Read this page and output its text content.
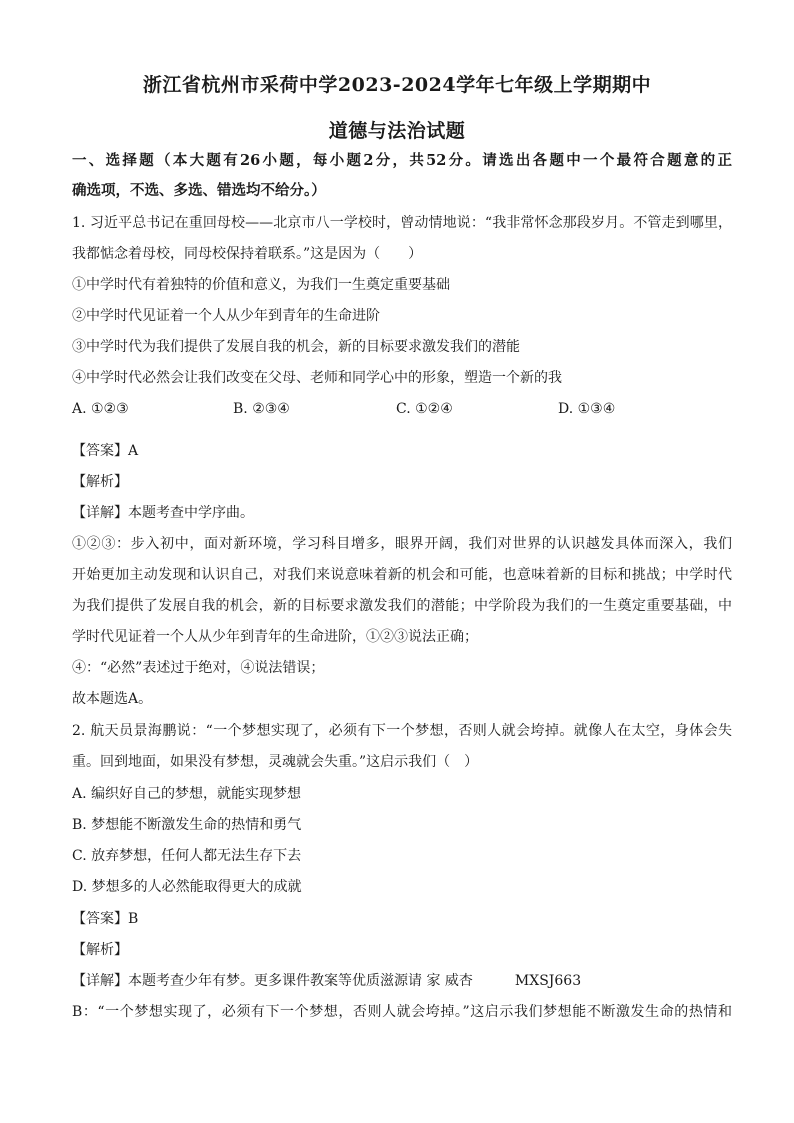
浙江省杭州市采荷中学2023-2024学年七年级上学期期中
道德与法治试题
一、选择题（本大题有26小题，每小题2分，共52分。请选出各题中一个最符合题意的正
确选项，不选、多选、错选均不给分。）
1. 习近平总书记在重回母校——北京市八一学校时，曾动情地说：“我非常怀念那段岁月。不管走到哪里，
我都惦念着母校，同母校保持着联系。”这是因为（　　）
①中学时代有着独特的价值和意义，为我们一生奠定重要基础
②中学时代见证着一个人从少年到青年的生命进阶
③中学时代为我们提供了发展自我的机会，新的目标要求激发我们的潜能
④中学时代必然会让我们改变在父母、老师和同学心中的形象，塑造一个新的我
A. ①②③	B. ②③④	C. ①②④	D. ①③④
【答案】A
【解析】
【详解】本题考查中学序曲。
①②③：步入初中，面对新环境，学习科目增多，眼界开阔，我们对世界的认识越发具体而深入，我们
开始更加主动发现和认识自己，对我们来说意味着新的机会和可能，也意味着新的目标和挑战；中学时代
为我们提供了发展自我的机会，新的目标要求激发我们的潜能；中学阶段为我们的一生奠定重要基础，中
学时代见证着一个人从少年到青年的生命进阶，①②③说法正确；
④：“必然”表述过于绝对，④说法错误；
故本题选A。
2. 航天员景海鹏说：“一个梦想实现了，必须有下一个梦想，否则人就会垮掉。就像人在太空，身体会失
重。回到地面，如果没有梦想，灵魂就会失重。”这启示我们（　）
A. 编织好自己的梦想，就能实现梦想
B. 梦想能不断激发生命的热情和勇气
C. 放弃梦想，任何人都无法生存下去
D. 梦想多的人必然能取得更大的成就
【答案】B
【解析】
【详解】本题考查少年有梦。更多课件教案等优质滋源请 家 威杏　　　MXSJ663
B：“一个梦想实现了，必须有下一个梦想，否则人就会垮掉。”这启示我们梦想能不断激发生命的热情和
